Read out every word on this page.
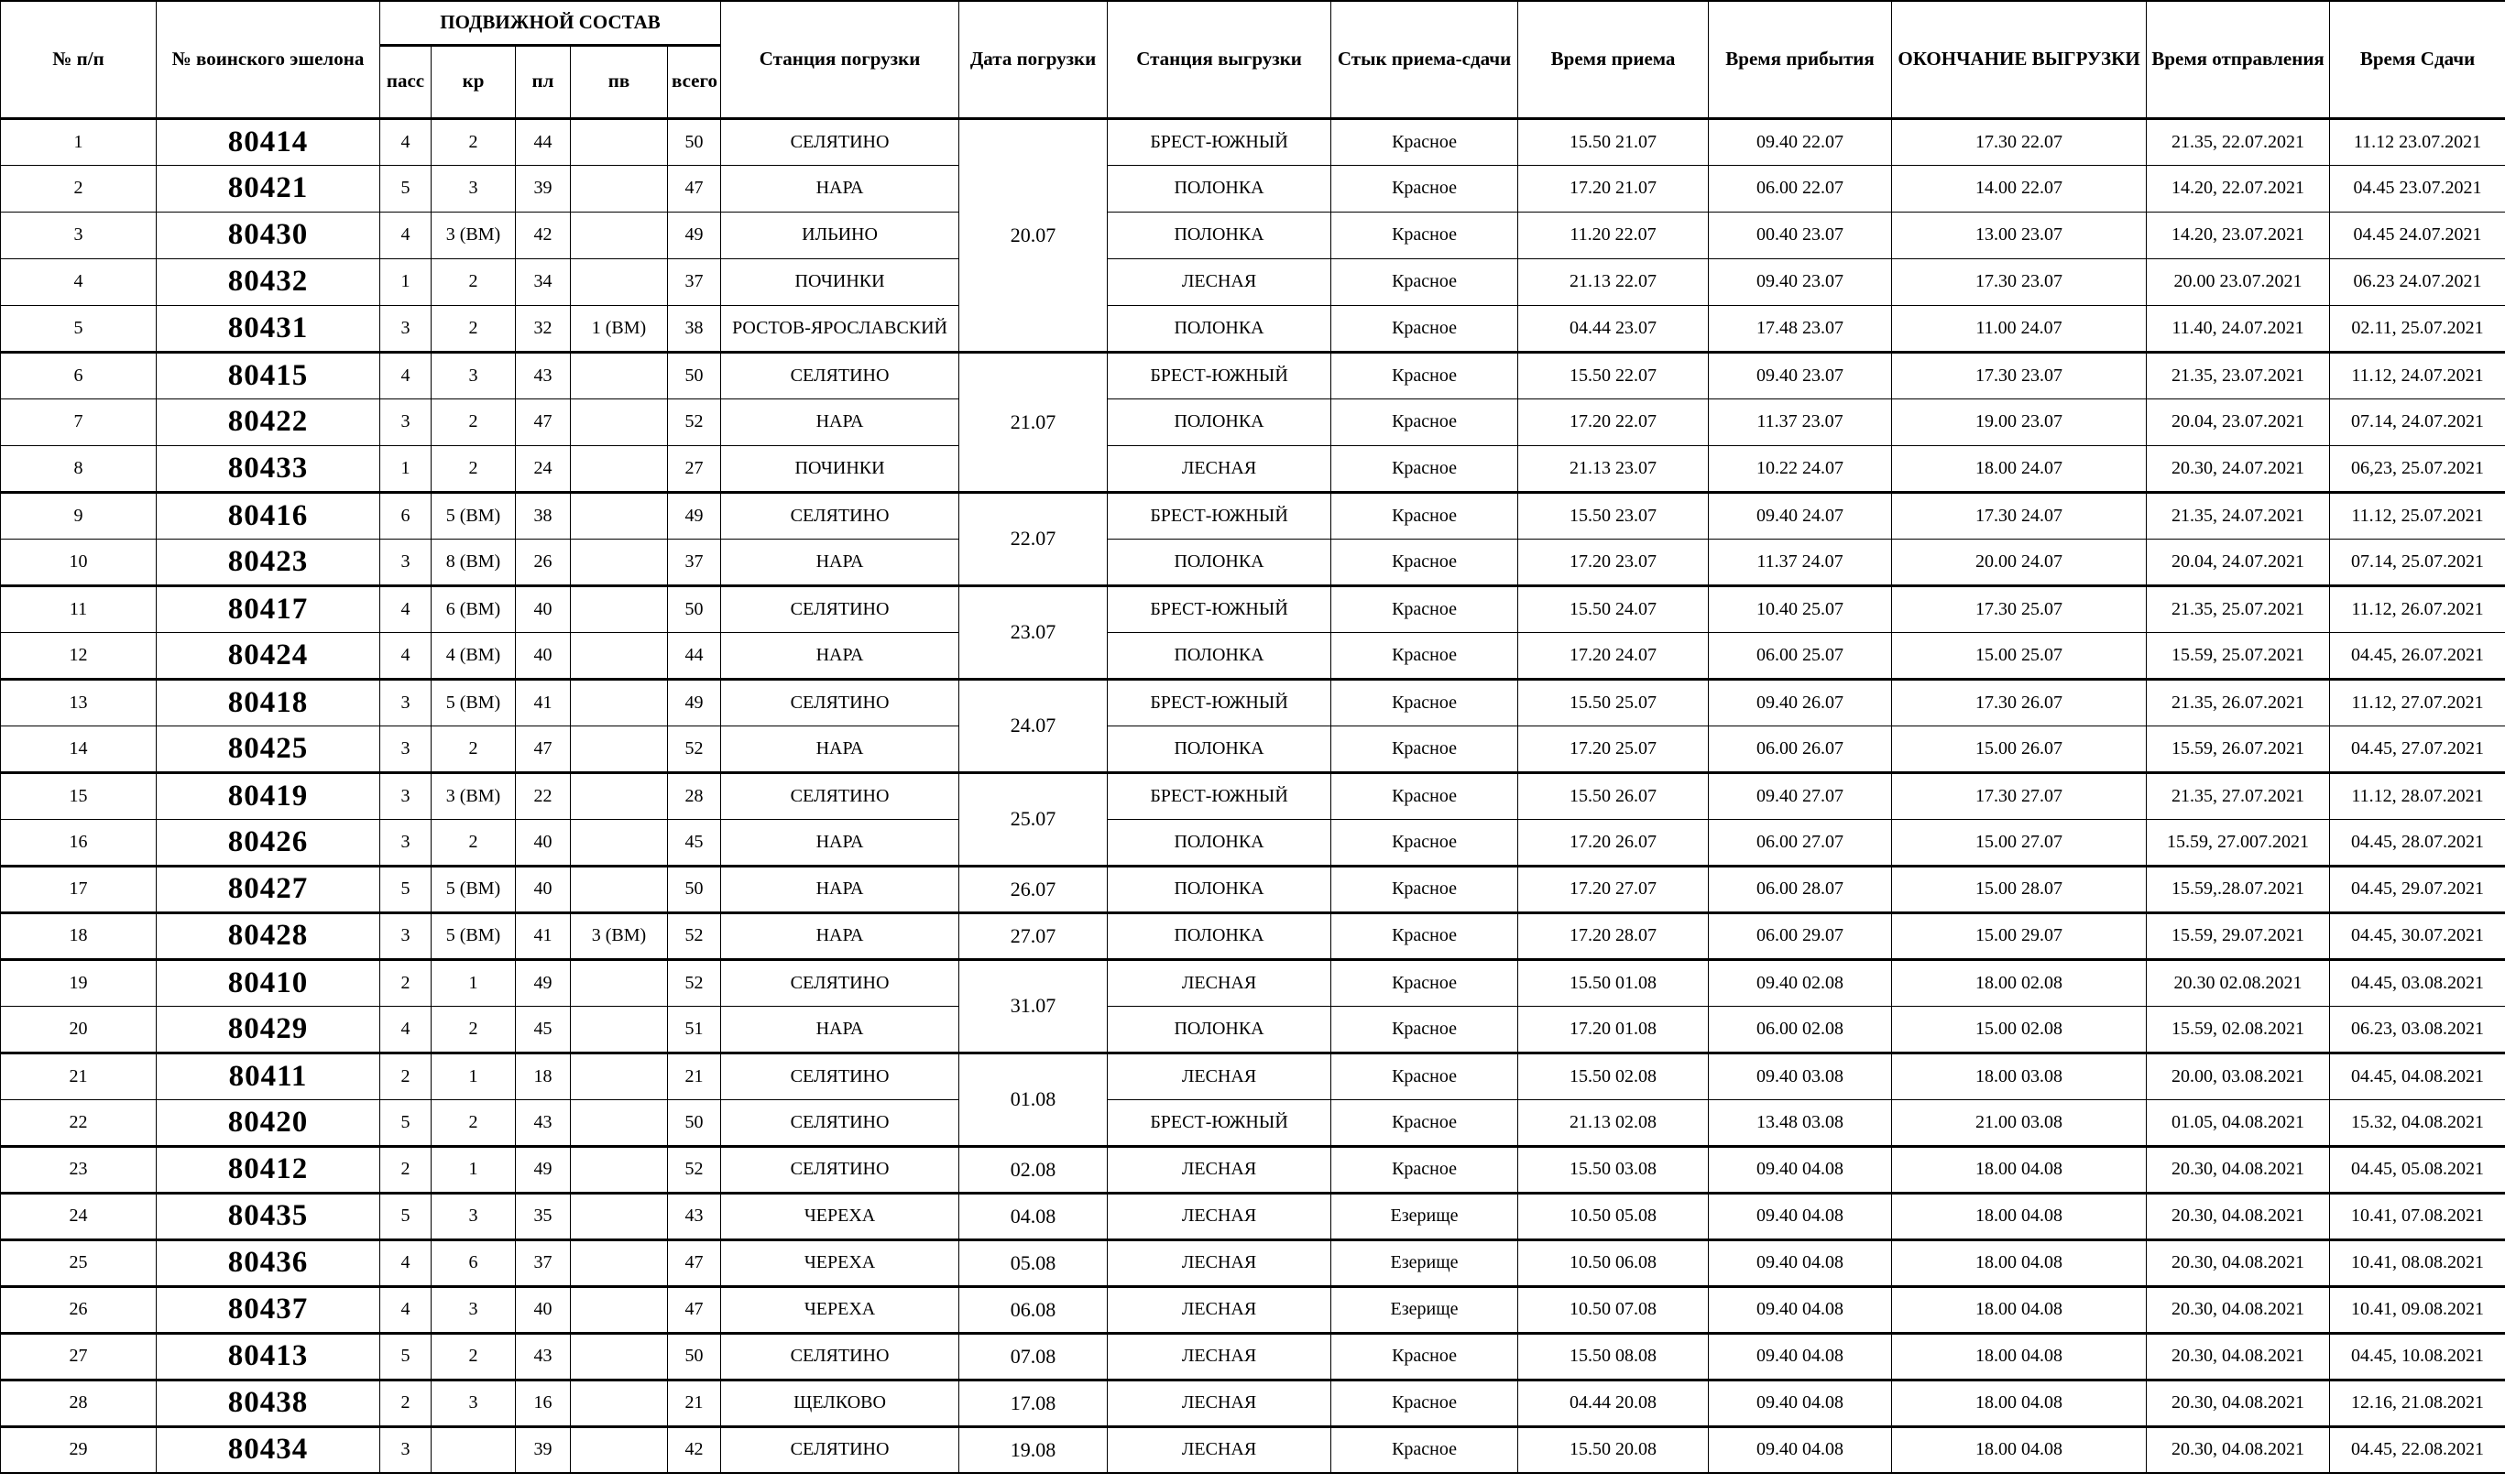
№ п/п	№ воинского эшелона	ПОДВИЖНОЙ СОСТАВ					Станция погрузки	Дата погрузки	Станция выгрузки	Стык приема-сдачи	Время приема	Время прибытия	ОКОНЧАНИЕ ВЫГРУЗКИ	Время отправления	Время Сдачи
		пасс	кр	пл	пв	всего									
1	80414	4	2	44		50	СЕЛЯТИНО	20.07	БРЕСТ-ЮЖНЫЙ	Красное	15.50 21.07	09.40 22.07	17.30 22.07	21.35, 22.07.2021	11.12 23.07.2021
2	80421	5	3	39		47	НАРА		ПОЛОНКА	Красное	17.20 21.07	06.00 22.07	14.00 22.07	14.20, 22.07.2021	04.45 23.07.2021
3	80430	4	3 (ВМ)	42		49	ИЛЬИНО		ПОЛОНКА	Красное	11.20 22.07	00.40 23.07	13.00 23.07	14.20, 23.07.2021	04.45 24.07.2021
4	80432	1	2	34		37	ПОЧИНКИ		ЛЕСНАЯ	Красное	21.13 22.07	09.40 23.07	17.30 23.07	20.00 23.07.2021	06.23 24.07.2021
5	80431	3	2	32	1 (ВМ)	38	РОСТОВ-ЯРОСЛАВСКИЙ		ПОЛОНКА	Красное	04.44 23.07	17.48 23.07	11.00 24.07	11.40, 24.07.2021	02.11, 25.07.2021
6	80415	4	3	43		50	СЕЛЯТИНО	21.07	БРЕСТ-ЮЖНЫЙ	Красное	15.50 22.07	09.40 23.07	17.30 23.07	21.35, 23.07.2021	11.12, 24.07.2021
7	80422	3	2	47		52	НАРА		ПОЛОНКА	Красное	17.20 22.07	11.37 23.07	19.00 23.07	20.04, 23.07.2021	07.14, 24.07.2021
8	80433	1	2	24		27	ПОЧИНКИ		ЛЕСНАЯ	Красное	21.13 23.07	10.22 24.07	18.00 24.07	20.30, 24.07.2021	06,23, 25.07.2021
9	80416	6	5 (ВМ)	38		49	СЕЛЯТИНО	22.07	БРЕСТ-ЮЖНЫЙ	Красное	15.50 23.07	09.40 24.07	17.30 24.07	21.35, 24.07.2021	11.12, 25.07.2021
10	80423	3	8 (ВМ)	26		37	НАРА		ПОЛОНКА	Красное	17.20 23.07	11.37 24.07	20.00 24.07	20.04, 24.07.2021	07.14, 25.07.2021
11	80417	4	6 (ВМ)	40		50	СЕЛЯТИНО	23.07	БРЕСТ-ЮЖНЫЙ	Красное	15.50 24.07	10.40 25.07	17.30 25.07	21.35, 25.07.2021	11.12, 26.07.2021
12	80424	4	4 (ВМ)	40		44	НАРА		ПОЛОНКА	Красное	17.20 24.07	06.00 25.07	15.00 25.07	15.59, 25.07.2021	04.45, 26.07.2021
13	80418	3	5 (ВМ)	41		49	СЕЛЯТИНО	24.07	БРЕСТ-ЮЖНЫЙ	Красное	15.50 25.07	09.40 26.07	17.30 26.07	21.35, 26.07.2021	11.12, 27.07.2021
14	80425	3	2	47		52	НАРА		ПОЛОНКА	Красное	17.20 25.07	06.00 26.07	15.00 26.07	15.59, 26.07.2021	04.45, 27.07.2021
15	80419	3	3 (ВМ)	22		28	СЕЛЯТИНО	25.07	БРЕСТ-ЮЖНЫЙ	Красное	15.50 26.07	09.40 27.07	17.30 27.07	21.35, 27.07.2021	11.12, 28.07.2021
16	80426	3	2	40		45	НАРА		ПОЛОНКА	Красное	17.20 26.07	06.00 27.07	15.00 27.07	15.59, 27.007.2021	04.45, 28.07.2021
17	80427	5	5 (ВМ)	40		50	НАРА	26.07	ПОЛОНКА	Красное	17.20 27.07	06.00 28.07	15.00 28.07	15.59,.28.07.2021	04.45, 29.07.2021
18	80428	3	5 (ВМ)	41	3 (ВМ)	52	НАРА	27.07	ПОЛОНКА	Красное	17.20 28.07	06.00 29.07	15.00 29.07	15.59, 29.07.2021	04.45, 30.07.2021
19	80410	2	1	49		52	СЕЛЯТИНО	31.07	ЛЕСНАЯ	Красное	15.50 01.08	09.40 02.08	18.00 02.08	20.30 02.08.2021	04.45, 03.08.2021
20	80429	4	2	45		51	НАРА		ПОЛОНКА	Красное	17.20 01.08	06.00 02.08	15.00 02.08	15.59, 02.08.2021	06.23, 03.08.2021
21	80411	2	1	18		21	СЕЛЯТИНО	01.08	ЛЕСНАЯ	Красное	15.50 02.08	09.40 03.08	18.00 03.08	20.00, 03.08.2021	04.45, 04.08.2021
22	80420	5	2	43		50	СЕЛЯТИНО		БРЕСТ-ЮЖНЫЙ	Красное	21.13 02.08	13.48 03.08	21.00 03.08	01.05, 04.08.2021	15.32, 04.08.2021
23	80412	2	1	49		52	СЕЛЯТИНО	02.08	ЛЕСНАЯ	Красное	15.50 03.08	09.40 04.08	18.00 04.08	20.30, 04.08.2021	04.45, 05.08.2021
24	80435	5	3	35		43	ЧЕРЕХА	04.08	ЛЕСНАЯ	Езерище	10.50 05.08	09.40 04.08	18.00 04.08	20.30, 04.08.2021	10.41, 07.08.2021
25	80436	4	6	37		47	ЧЕРЕХА	05.08	ЛЕСНАЯ	Езерище	10.50 06.08	09.40 04.08	18.00 04.08	20.30, 04.08.2021	10.41, 08.08.2021
26	80437	4	3	40		47	ЧЕРЕХА	06.08	ЛЕСНАЯ	Езерище	10.50 07.08	09.40 04.08	18.00 04.08	20.30, 04.08.2021	10.41, 09.08.2021
27	80413	5	2	43		50	СЕЛЯТИНО	07.08	ЛЕСНАЯ	Красное	15.50 08.08	09.40 04.08	18.00 04.08	20.30, 04.08.2021	04.45, 10.08.2021
28	80438	2	3	16		21	ЩЕЛКОВО	17.08	ЛЕСНАЯ	Красное	04.44 20.08	09.40 04.08	18.00 04.08	20.30, 04.08.2021	12.16, 21.08.2021
29	80434	3		39		42	СЕЛЯТИНО	19.08	ЛЕСНАЯ	Красное	15.50 20.08	09.40 04.08	18.00 04.08	20.30, 04.08.2021	04.45, 22.08.2021
